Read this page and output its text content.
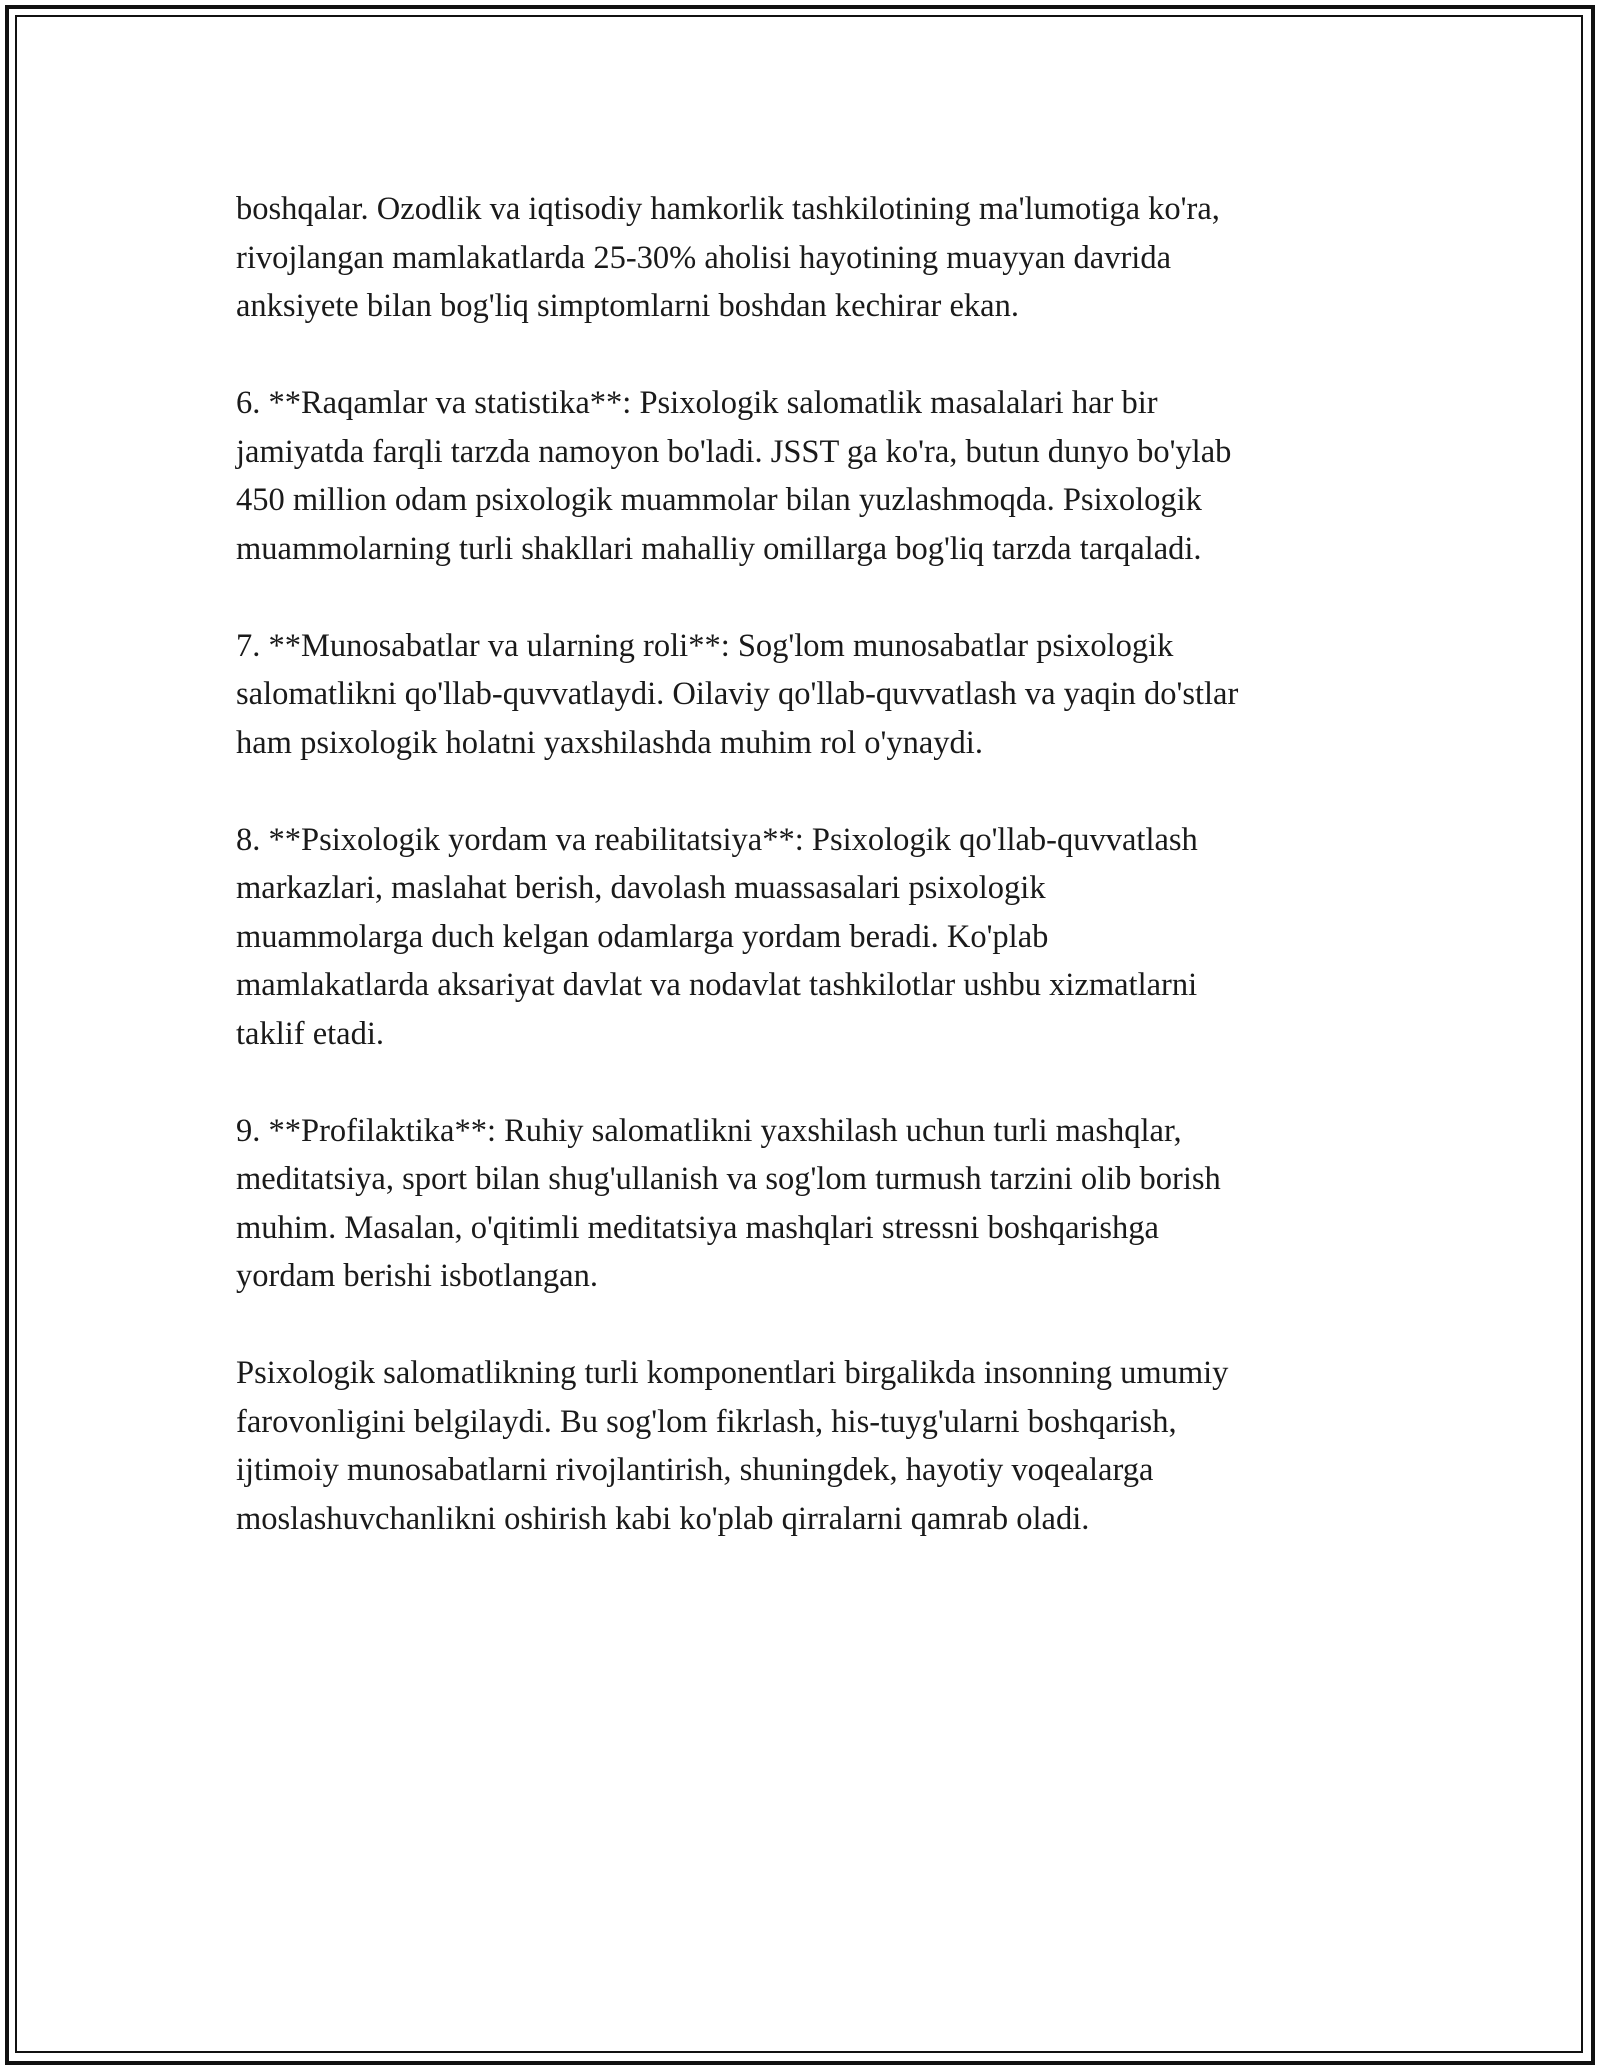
boshqalar. Ozodlik va iqtisodiy hamkorlik tashkilotining ma'lumotiga ko'ra,
rivojlangan mamlakatlarda 25-30% aholisi hayotining muayyan davrida
anksiyete bilan bog'liq simptomlarni boshdan kechirar ekan.

6. **Raqamlar va statistika**: Psixologik salomatlik masalalari har bir
jamiyatda farqli tarzda namoyon bo'ladi. JSST ga ko'ra, butun dunyo bo'ylab
450 million odam psixologik muammolar bilan yuzlashmoqda. Psixologik
muammolarning turli shakllari mahalliy omillarga bog'liq tarzda tarqaladi.

7. **Munosabatlar va ularning roli**: Sog'lom munosabatlar psixologik
salomatlikni qo'llab-quvvatlaydi. Oilaviy qo'llab-quvvatlash va yaqin do'stlar
ham psixologik holatni yaxshilashda muhim rol o'ynaydi.

8. **Psixologik yordam va reabilitatsiya**: Psixologik qo'llab-quvvatlash
markazlari, maslahat berish, davolash muassasalari psixologik
muammolarga duch kelgan odamlarga yordam beradi. Ko'plab
mamlakatlarda aksariyat davlat va nodavlat tashkilotlar ushbu xizmatlarni
taklif etadi.

9. **Profilaktika**: Ruhiy salomatlikni yaxshilash uchun turli mashqlar,
meditatsiya, sport bilan shug'ullanish va sog'lom turmush tarzini olib borish
muhim. Masalan, o'qitimli meditatsiya mashqlari stressni boshqarishga
yordam berishi isbotlangan.

Psixologik salomatlikning turli komponentlari birgalikda insonning umumiy
farovonligini belgilaydi. Bu sog'lom fikrlash, his-tuyg'ularni boshqarish,
ijtimoiy munosabatlarni rivojlantirish, shuningdek, hayotiy voqealarga
moslashuvchanlikni oshirish kabi ko'plab qirralarni qamrab oladi.
